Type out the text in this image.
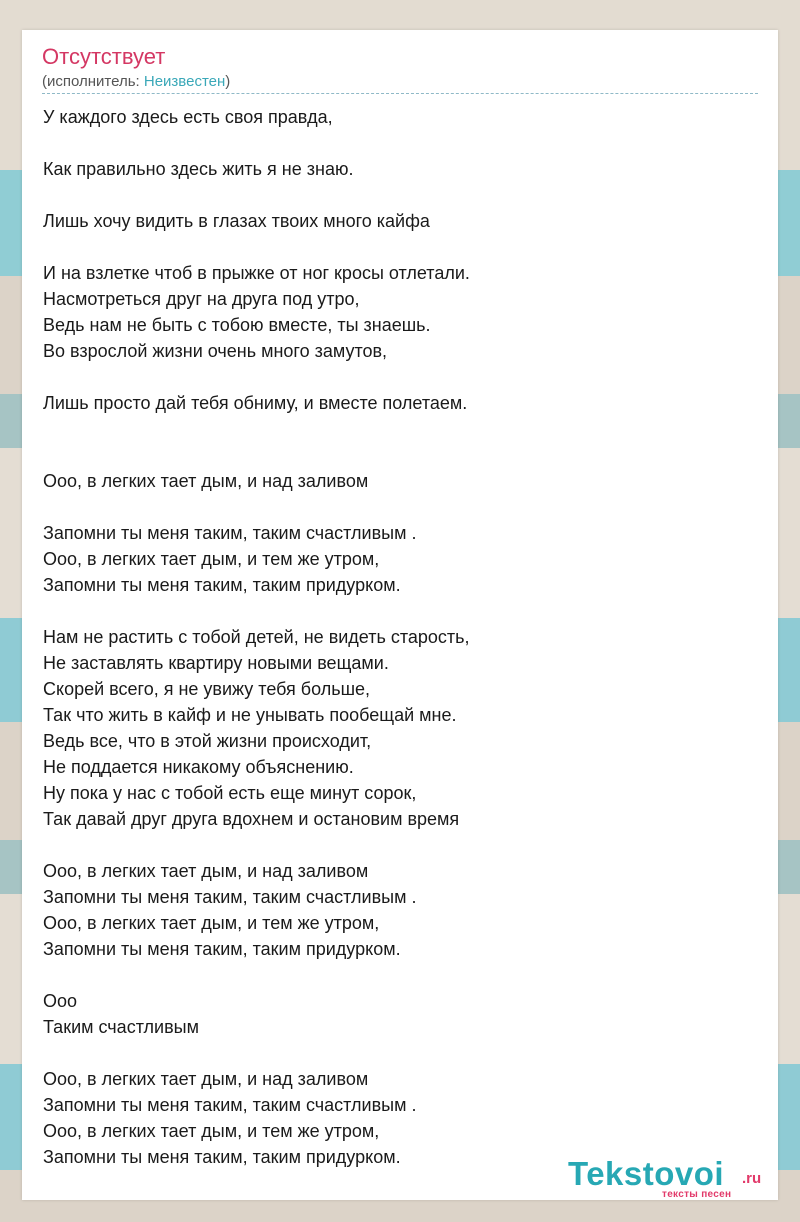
Отсутствует
(исполнитель: Неизвестен)
У каждого здесь есть своя правда,
Как правильно здесь жить я не знаю.
Лишь хочу видить в глазах твоих много кайфа
И на взлетке чтоб в прыжке от ног кросы отлетали.
Насмотреться друг на друга под утро,
Ведь нам не быть с тобою вместе, ты знаешь.
Во взрослой жизни очень много замутов,
Лишь просто дай тебя обниму, и вместе полетаем.
Ооо, в легких тает дым, и над заливом
Запомни ты меня таким, таким счастливым .
Ооо, в легких тает дым, и тем же утром,
Запомни ты меня таким, таким придурком.
Нам не растить с тобой детей, не видеть старость,
Не заставлять квартиру новыми вещами.
Скорей всего, я не увижу тебя больше,
Так что жить в кайф и не унывать пообещай мне.
Ведь все, что в этой жизни происходит,
Не поддается никакому объяснению.
Ну пока у нас с тобой есть еще минут сорок,
Так давай друг друга вдохнем и остановим время
Ооо, в легких тает дым, и над заливом
Запомни ты меня таким, таким счастливым .
Ооо, в легких тает дым, и тем же утром,
Запомни ты меня таким, таким придурком.
Ооо
Таким счастливым
Ооо, в легких тает дым, и над заливом
Запомни ты меня таким, таким счастливым .
Ооо, в легких тает дым, и тем же утром,
Запомни ты меня таким, таким придурком.	Tekstovoi .ru
тексты песен
